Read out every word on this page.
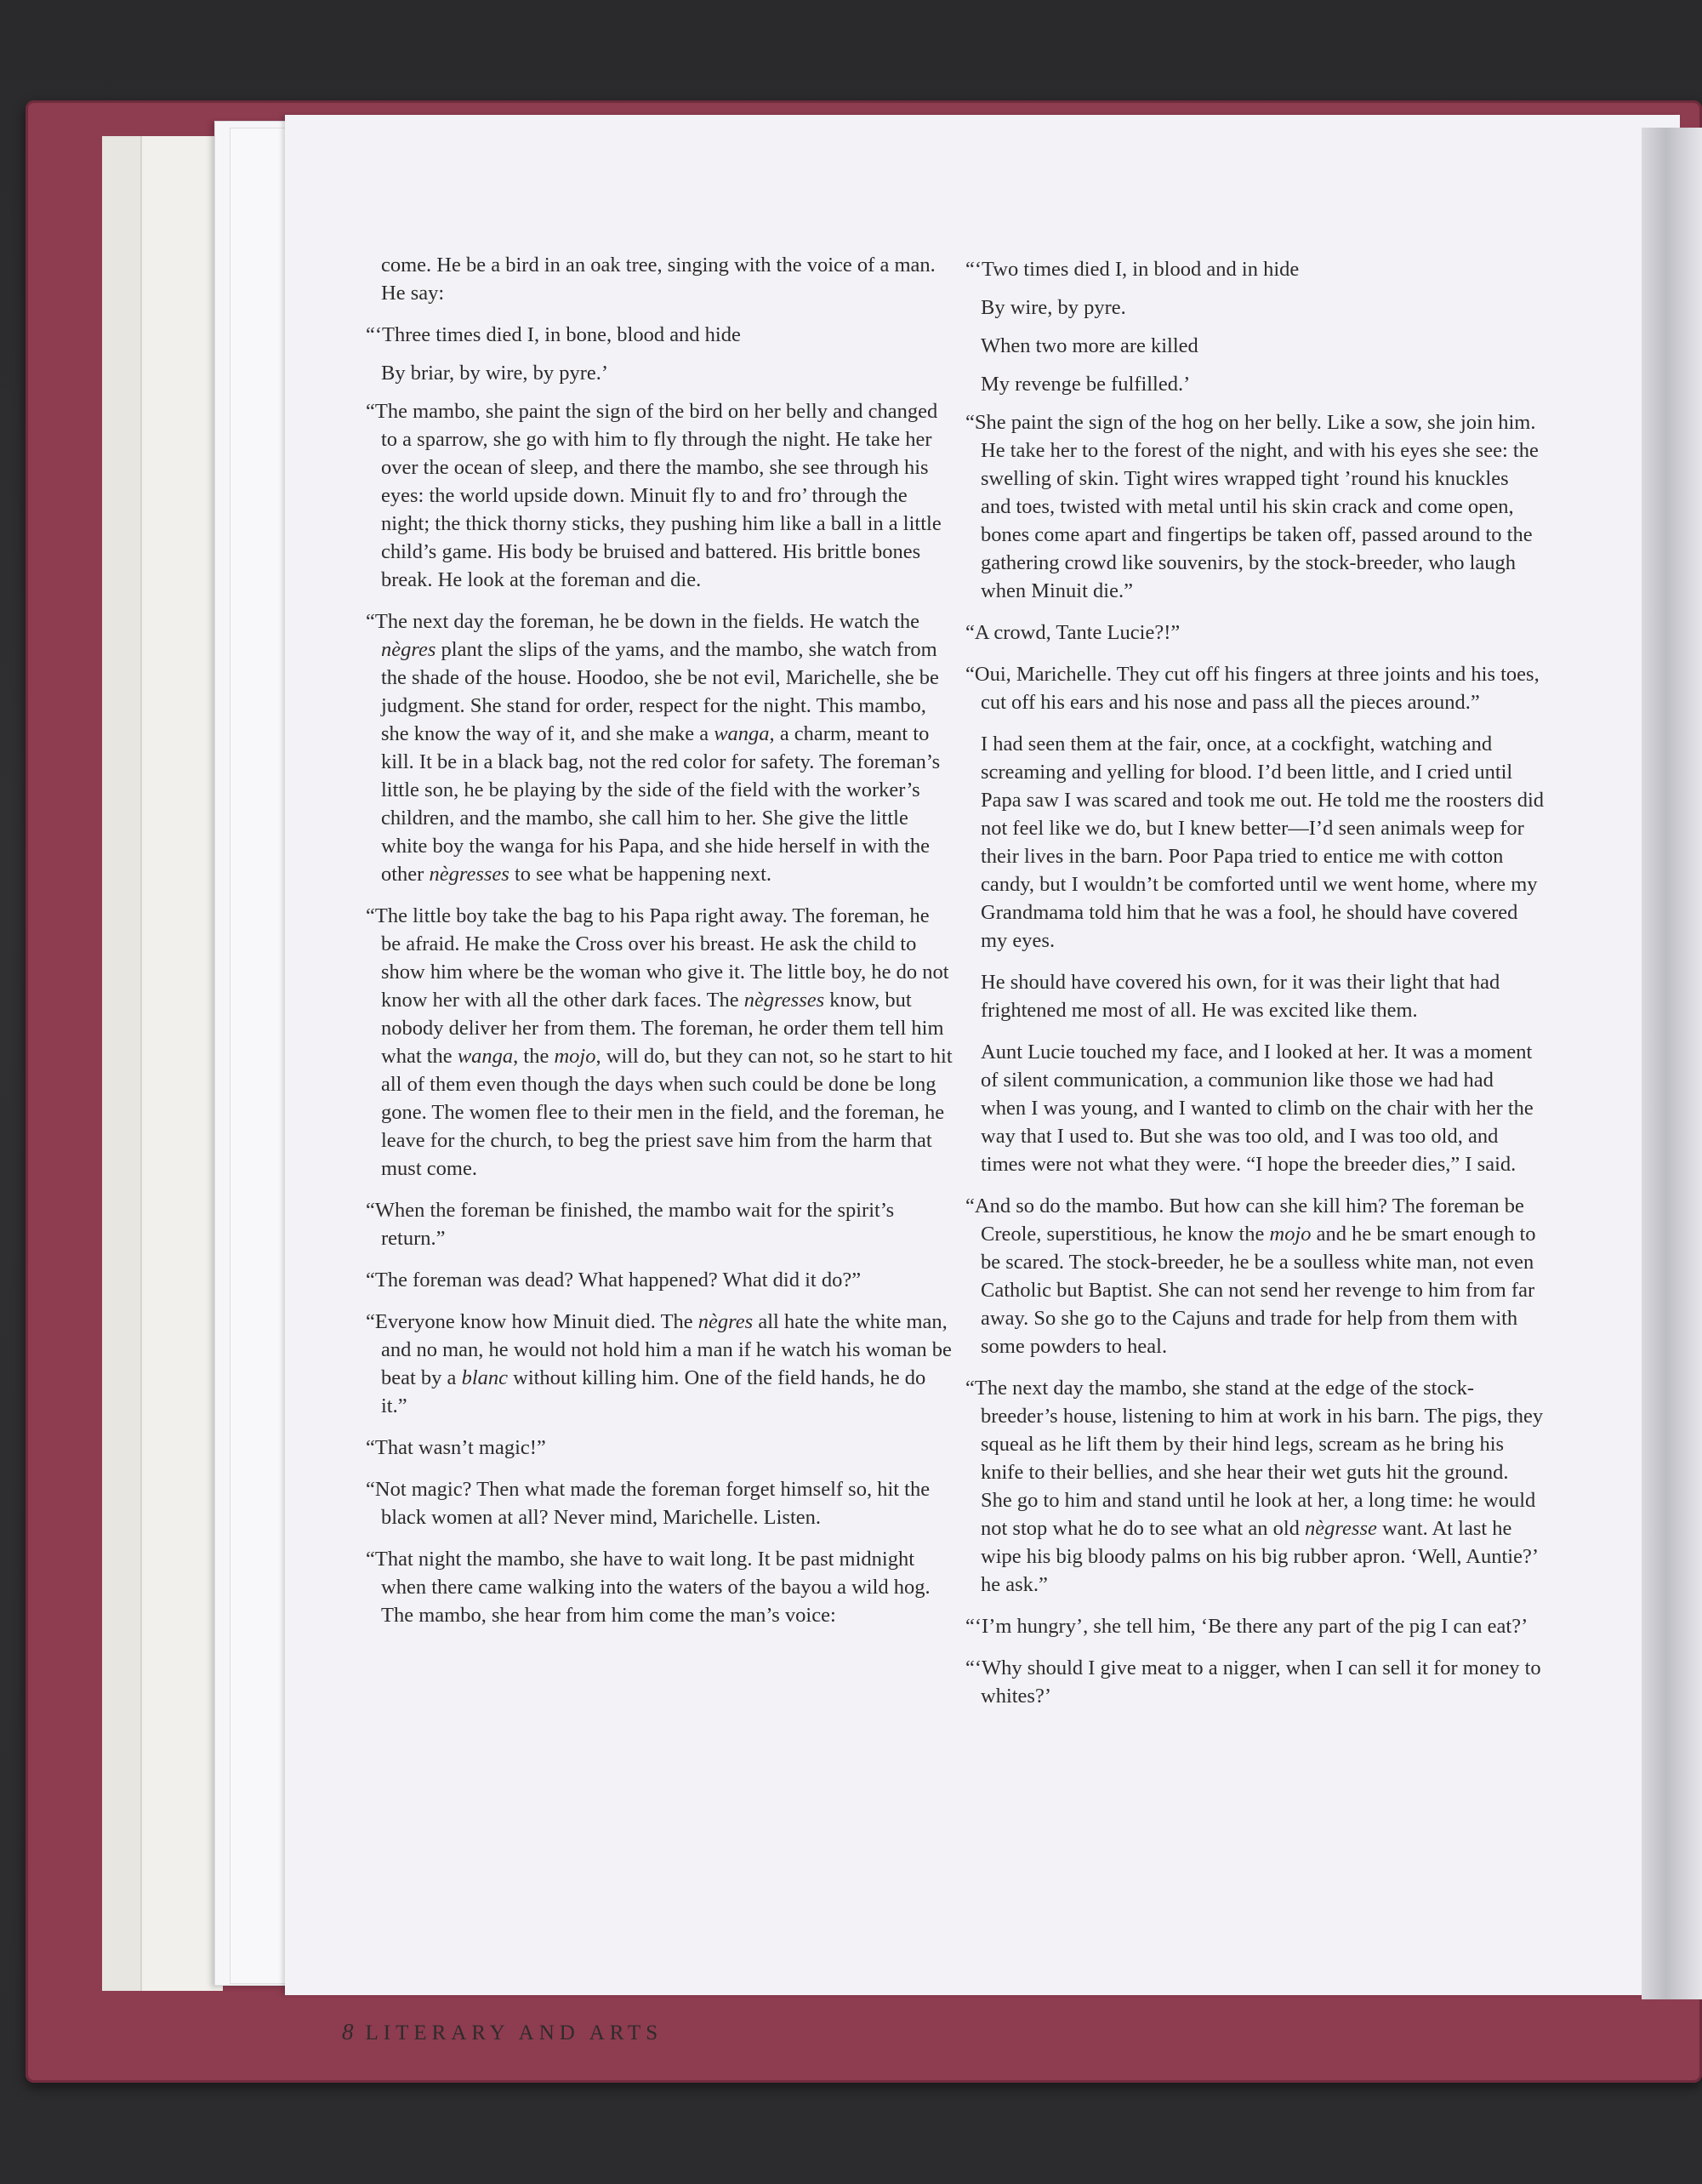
come. He be a bird in an oak tree, singing with the voice of a man. He say:

“‘Three times died I, in bone, blood and hide

By briar, by wire, by pyre.’

“The mambo, she paint the sign of the bird on her belly and changed to a sparrow, she go with him to fly through the night. He take her over the ocean of sleep, and there the mambo, she see through his eyes: the world upside down. Minuit fly to and fro’ through the night; the thick thorny sticks, they pushing him like a ball in a little child’s game. His body be bruised and battered. His brittle bones break. He look at the foreman and die.

“The next day the foreman, he be down in the fields. He watch the nègres plant the slips of the yams, and the mambo, she watch from the shade of the house. Hoodoo, she be not evil, Marichelle, she be judgment. She stand for order, respect for the night. This mambo, she know the way of it, and she make a wanga, a charm, meant to kill. It be in a black bag, not the red color for safety. The foreman’s little son, he be playing by the side of the field with the worker’s children, and the mambo, she call him to her. She give the little white boy the wanga for his Papa, and she hide herself in with the other nègresses to see what be happening next.

“The little boy take the bag to his Papa right away. The foreman, he be afraid. He make the Cross over his breast. He ask the child to show him where be the woman who give it. The little boy, he do not know her with all the other dark faces. The nègresses know, but nobody deliver her from them. The foreman, he order them tell him what the wanga, the mojo, will do, but they can not, so he start to hit all of them even though the days when such could be done be long gone. The women flee to their men in the field, and the foreman, he leave for the church, to beg the priest save him from the harm that must come.

“When the foreman be finished, the mambo wait for the spirit’s return.”

“The foreman was dead? What happened? What did it do?”

“Everyone know how Minuit died. The nègres all hate the white man, and no man, he would not hold him a man if he watch his woman be beat by a blanc without killing him. One of the field hands, he do it.”

“That wasn’t magic!”

“Not magic? Then what made the foreman forget himself so, hit the black women at all? Never mind, Marichelle. Listen.

“That night the mambo, she have to wait long. It be past midnight when there came walking into the waters of the bayou a wild hog. The mambo, she hear from him come the man’s voice:

“‘Two times died I, in blood and in hide

By wire, by pyre.

When two more are killed

My revenge be fulfilled.’

“She paint the sign of the hog on her belly. Like a sow, she join him. He take her to the forest of the night, and with his eyes she see: the swelling of skin. Tight wires wrapped tight ’round his knuckles and toes, twisted with metal until his skin crack and come open, bones come apart and fingertips be taken off, passed around to the gathering crowd like souvenirs, by the stock-breeder, who laugh when Minuit die.”

“A crowd, Tante Lucie?!”

“Oui, Marichelle. They cut off his fingers at three joints and his toes, cut off his ears and his nose and pass all the pieces around.”

I had seen them at the fair, once, at a cockfight, watching and screaming and yelling for blood. I’d been little, and I cried until Papa saw I was scared and took me out. He told me the roosters did not feel like we do, but I knew better—I’d seen animals weep for their lives in the barn. Poor Papa tried to entice me with cotton candy, but I wouldn’t be comforted until we went home, where my Grandmama told him that he was a fool, he should have covered my eyes.

He should have covered his own, for it was their light that had frightened me most of all. He was excited like them.

Aunt Lucie touched my face, and I looked at her. It was a moment of silent communication, a communion like those we had had when I was young, and I wanted to climb on the chair with her the way that I used to. But she was too old, and I was too old, and times were not what they were. “I hope the breeder dies,” I said.

“And so do the mambo. But how can she kill him? The foreman be Creole, superstitious, he know the mojo and he be smart enough to be scared. The stock-breeder, he be a soulless white man, not even Catholic but Baptist. She can not send her revenge to him from far away. So she go to the Cajuns and trade for help from them with some powders to heal.

“The next day the mambo, she stand at the edge of the stock-breeder’s house, listening to him at work in his barn. The pigs, they squeal as he lift them by their hind legs, scream as he bring his knife to their bellies, and she hear their wet guts hit the ground. She go to him and stand until he look at her, a long time: he would not stop what he do to see what an old nègresse want. At last he wipe his big bloody palms on his big rubber apron. ‘Well, Auntie?’ he ask.”

“‘I’m hungry’, she tell him, ‘Be there any part of the pig I can eat?’

“‘Why should I give meat to a nigger, when I can sell it for money to whites?’

8 LITERARY AND ARTS
